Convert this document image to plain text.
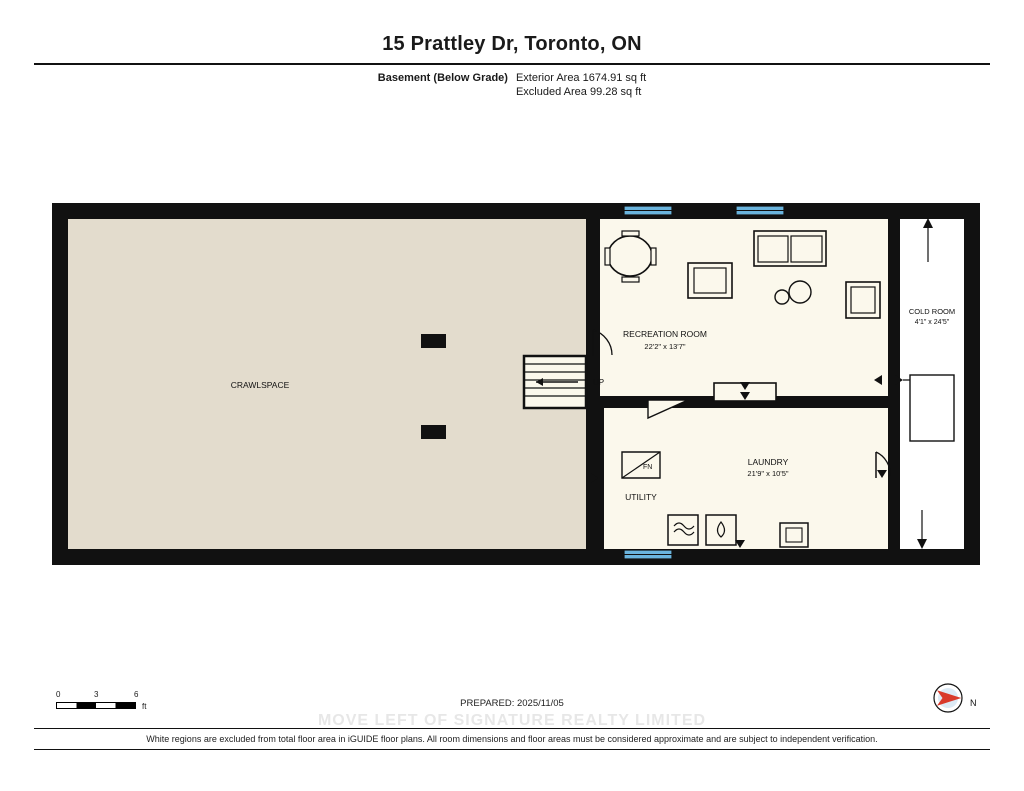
15 Prattley Dr, Toronto, ON
Basement (Below Grade) Exterior Area 1674.91 sq ft
Excluded Area 99.28 sq ft
UP
FN
CRAWLSPACE
RECREATION ROOM
22'2" x 13'7"
LAUNDRY
21'9" x 10'5"
UTILITY
COLD ROOM
4'1" x 24'5"
0	3	6
ft	N
PREPARED: 2025/11/05
MOVE LEFT OF SIGNATURE REALTY LIMITED
White regions are excluded from total floor area in iGUIDE floor plans. All room dimensions and floor areas must be considered approximate and are subject to independent verification.
